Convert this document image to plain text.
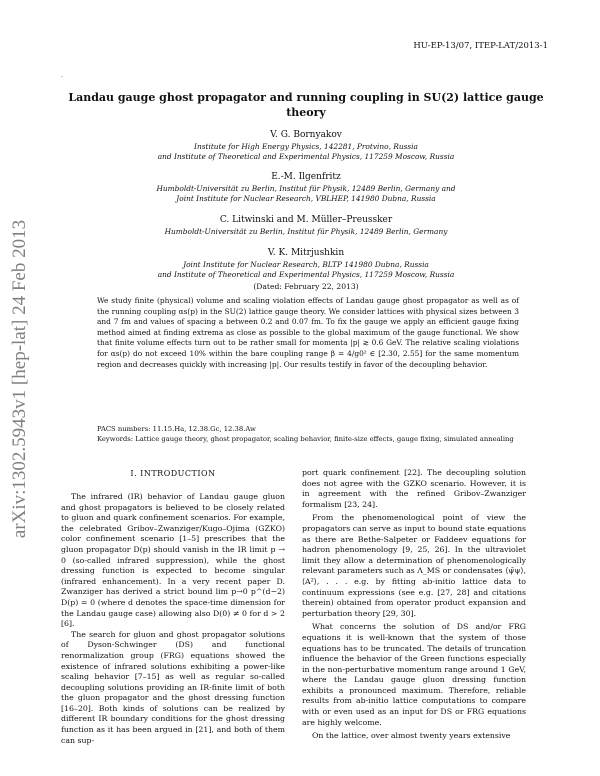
HU-EP-13/07, ITEP-LAT/2013-1
.
arXiv:1302.5943v1 [hep-lat] 24 Feb 2013
Landau gauge ghost propagator and running coupling in SU(2) lattice gauge
theory
V. G. Bornyakov
Institute for High Energy Physics, 142281, Protvino, Russia
and Institute of Theoretical and Experimental Physics, 117259 Moscow, Russia
E.-M. Ilgenfritz
Humboldt-Universität zu Berlin, Institut für Physik, 12489 Berlin, Germany and
Joint Institute for Nuclear Research, VBLHEP, 141980 Dubna, Russia
C. Litwinski and M. Müller–Preussker
Humboldt-Universität zu Berlin, Institut für Physik, 12489 Berlin, Germany
V. K. Mitrjushkin
Joint Institute for Nuclear Research, BLTP 141980 Dubna, Russia
and Institute of Theoretical and Experimental Physics, 117259 Moscow, Russia
(Dated: February 22, 2013)
We study finite (physical) volume and scaling violation effects of Landau gauge ghost propagator as well as of the running coupling αs(p) in the SU(2) lattice gauge theory. We consider lattices with physical sizes between 3 and 7 fm and values of spacing a between 0.2 and 0.07 fm. To fix the gauge we apply an efficient gauge fixing method aimed at finding extrema as close as possible to the global maximum of the gauge functional. We show that finite volume effects turn out to be rather small for momenta |p| ≳ 0.6 GeV. The relative scaling violations for αs(p) do not exceed 10% within the bare coupling range β = 4/g0² ∈ [2.30, 2.55] for the same momentum region and decreases quickly with increasing |p|. Our results testify in favor of the decoupling behavior.
PACS numbers: 11.15.Ha, 12.38.Gc, 12.38.Aw
Keywords: Lattice gauge theory, ghost propagator, scaling behavior, finite-size effects, gauge fixing, simulated annealing
I. INTRODUCTION

The infrared (IR) behavior of Landau gauge gluon and ghost propagators is believed to be closely related to gluon and quark confinement scenarios. For example, the celebrated Gribov–Zwanziger/Kugo–Ojima (GZKO) color confinement scenario [1–5] prescribes that the gluon propagator D(p) should vanish in the IR limit p → 0 (so-called infrared suppression), while the ghost dressing function is expected to become singular (infrared enhancement). In a very recent paper D. Zwanziger has derived a strict bound lim p→0 p^(d−2) D(p) = 0 (where d denotes the space-time dimension for the Landau gauge case) allowing also D(0) ≠ 0 for d > 2 [6].

The search for gluon and ghost propagator solutions of Dyson-Schwinger (DS) and functional renormalization group (FRG) equations showed the existence of infrared solutions exhibiting a power-like scaling behavior [7–15] as well as regular so-called decoupling solutions providing an IR-finite limit of both the gluon propagator and the ghost dressing function [16–20]. Both kinds of solutions can be realized by different IR boundary conditions for the ghost dressing function as it has been argued in [21], and both of them can sup-

port quark confinement [22]. The decoupling solution does not agree with the GZKO scenario. However, it is in agreement with the refined Gribov–Zwanziger formalism [23, 24].

From the phenomenological point of view the propagators can serve as input to bound state equations as there are Bethe-Salpeter or Faddeev equations for hadron phenomenology [9, 25, 26]. In the ultraviolet limit they allow a determination of phenomenologically relevant parameters such as Λ_MS or condensates ⟨ψ̄ψ⟩, ⟨A²⟩, . . . e.g. by fitting ab-initio lattice data to continuum expressions (see e.g. [27, 28] and citations therein) obtained from operator product expansion and perturbation theory [29, 30].

What concerns the solution of DS and/or FRG equations it is well-known that the system of those equations has to be truncated. The details of truncation influence the behavior of the Green functions especially in the non-perturbative momentum range around 1 GeV, where the Landau gauge gluon dressing function exhibits a pronounced maximum. Therefore, reliable results from ab-initio lattice computations to compare with or even used as an input for DS or FRG equations are highly welcome.

On the lattice, over almost twenty years extensive
